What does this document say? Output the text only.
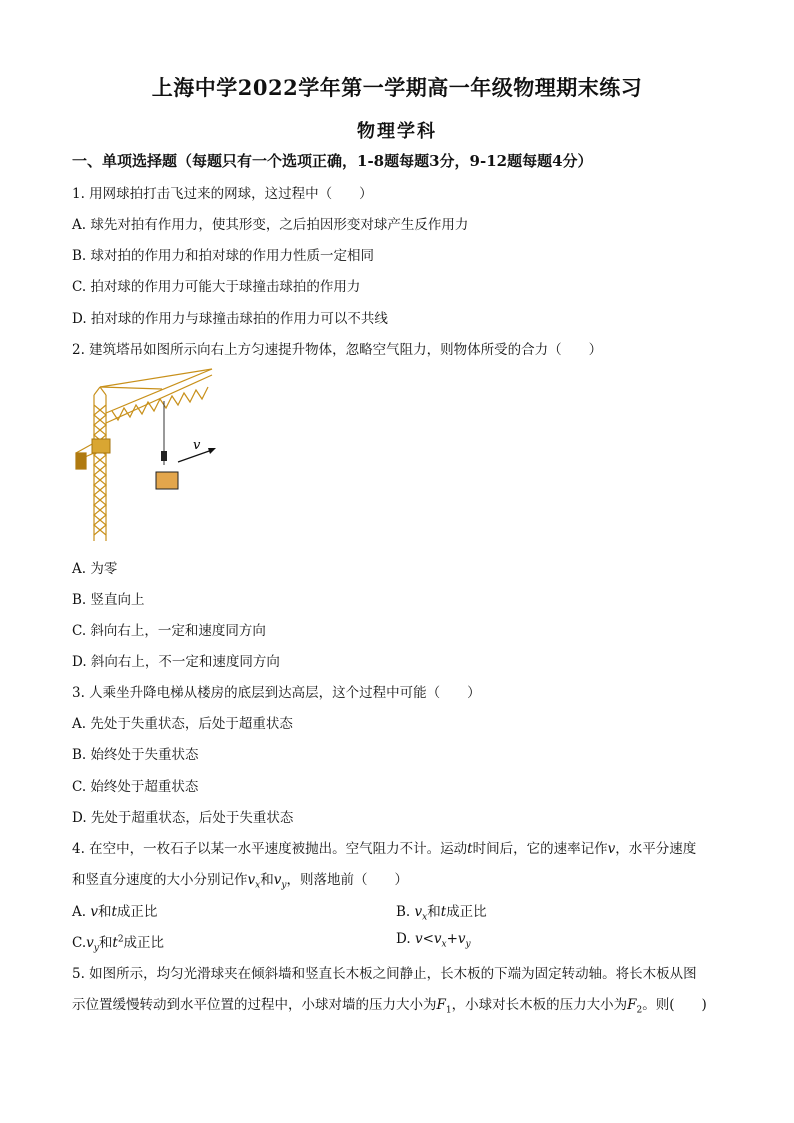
上海中学2022学年第一学期高一年级物理期末练习
物理学科
一、单项选择题（每题只有一个选项正确，1-8题每题3分，9-12题每题4分）
1. 用网球拍打击飞过来的网球，这过程中（　　）
A. 球先对拍有作用力，使其形变，之后拍因形变对球产生反作用力
B. 球对拍的作用力和拍对球的作用力性质一定相同
C. 拍对球的作用力可能大于球撞击球拍的作用力
D. 拍对球的作用力与球撞击球拍的作用力可以不共线
2. 建筑塔吊如图所示向右上方匀速提升物体，忽略空气阻力，则物体所受的合力（　　）
v
A. 为零
B. 竖直向上
C. 斜向右上，一定和速度同方向
D. 斜向右上，不一定和速度同方向
3. 人乘坐升降电梯从楼房的底层到达高层，这个过程中可能（　　）
A. 先处于失重状态，后处于超重状态
B. 始终处于失重状态
C. 始终处于超重状态
D. 先处于超重状态，后处于失重状态
4. 在空中，一枚石子以某一水平速度被抛出。空气阻力不计。运动t时间后，它的速率记作v，水平分速度
和竖直分速度的大小分别记作$v_x$和$v_y$，则落地前（　　）
A. v和t成正比	B. $v_x$和t成正比
$C.v_y$和$t^2$成正比	D. $v<v_x+v_y$
5. 如图所示，均匀光滑球夹在倾斜墙和竖直长木板之间静止，长木板的下端为固定转动轴。将长木板从图
示位置缓慢转动到水平位置的过程中，小球对墙的压力大小为$F_1$，小球对长木板的压力大小为$F_2$。则(　　)
